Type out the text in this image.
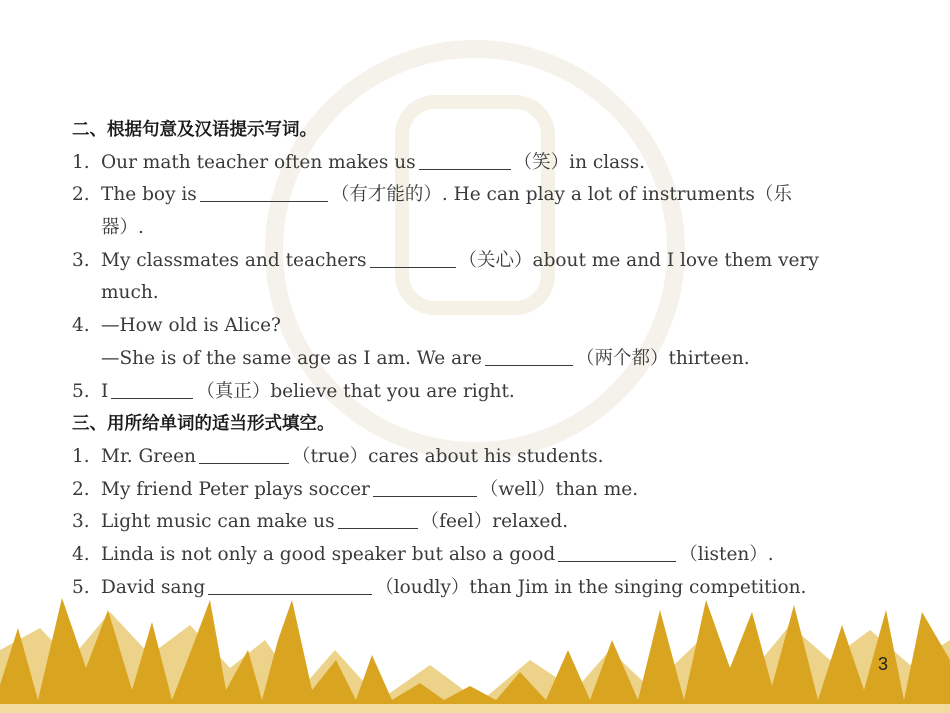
二、根据句意及汉语提示写词。
1. Our math teacher often makes us	（笑）in class.
2. The boy is	（有才能的）. He can play a lot of instruments（乐
器）.
3. My classmates and teachers	（关心）about me and I love them very
much.
4. —How old is Alice?
—She is of the same age as I am. We are	（两个都）thirteen.
5. I	（真正）believe that you are right.
三、用所给单词的适当形式填空。
1. Mr. Green	（true）cares about his students.
2. My friend Peter plays soccer	（well）than me.
3. Light music can make us	（feel）relaxed.
4. Linda is not only a good speaker but also a good	（listen）.
5. David sang	（loudly）than Jim in the singing competition.
3
